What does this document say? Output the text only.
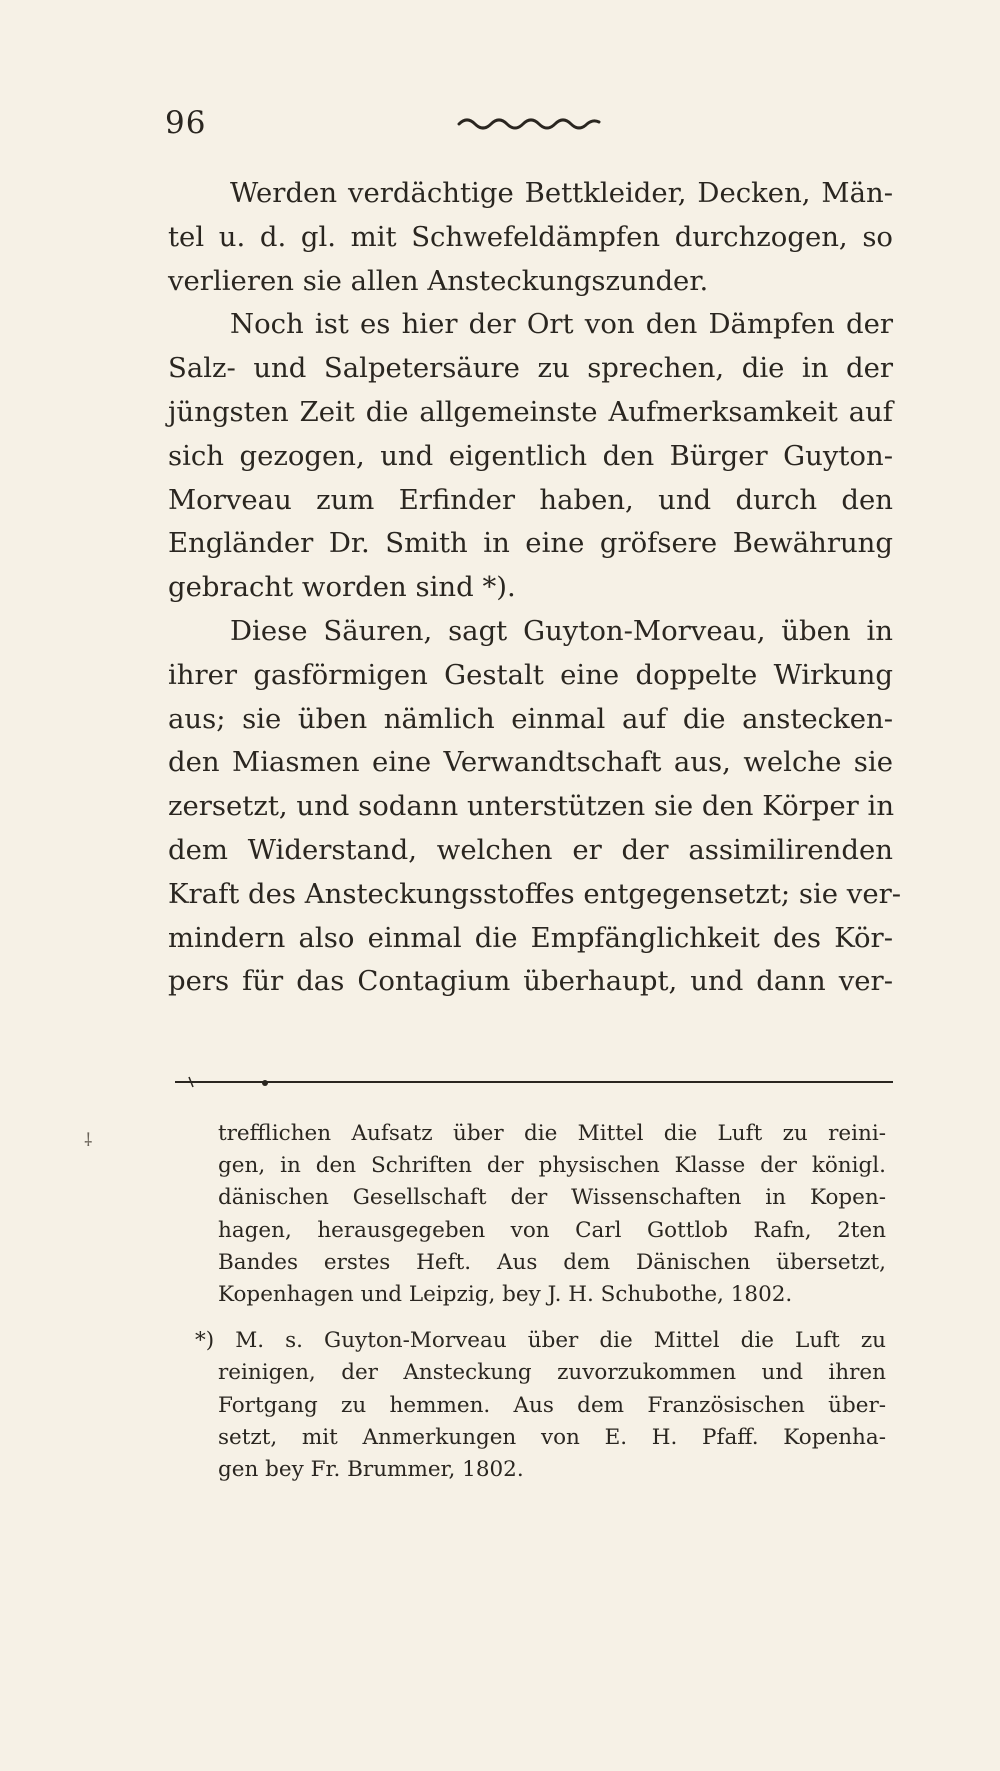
96
Werden verdächtige Bettkleider, Decken, Män-
tel u. d. gl. mit Schwefeldämpfen durchzogen, so
verlieren sie allen Ansteckungszunder.
Noch ist es hier der Ort von den Dämpfen der
Salz- und Salpetersäure zu sprechen, die in der
jüngsten Zeit die allgemeinste Aufmerksamkeit auf
sich gezogen, und eigentlich den Bürger Guyton-
Morveau zum Erfinder haben, und durch den
Engländer Dr. Smith in eine gröfsere Bewährung
gebracht worden sind *).
Diese Säuren, sagt Guyton-Morveau, üben in
ihrer gasförmigen Gestalt eine doppelte Wirkung
aus; sie üben nämlich einmal auf die anstecken-
den Miasmen eine Verwandtschaft aus, welche sie
zersetzt, und sodann unterstützen sie den Körper in
dem Widerstand, welchen er der assimilirenden
Kraft des Ansteckungsstoffes entgegensetzt; sie ver-
mindern also einmal die Empfänglichkeit des Kör-
pers für das Contagium überhaupt, und dann ver-
trefflichen Aufsatz über die Mittel die Luft zu reini-
gen, in den Schriften der physischen Klasse der königl.
dänischen Gesellschaft der Wissenschaften in Kopen-
hagen, herausgegeben von Carl Gottlob Rafn, 2ten
Bandes erstes Heft. Aus dem Dänischen übersetzt,
Kopenhagen und Leipzig, bey J. H. Schubothe, 1802.
*) M. s. Guyton-Morveau über die Mittel die Luft zu
reinigen, der Ansteckung zuvorzukommen und ihren
Fortgang zu hemmen. Aus dem Französischen über-
setzt, mit Anmerkungen von E. H. Pfaff. Kopenha-
gen bey Fr. Brummer, 1802.
⸸
